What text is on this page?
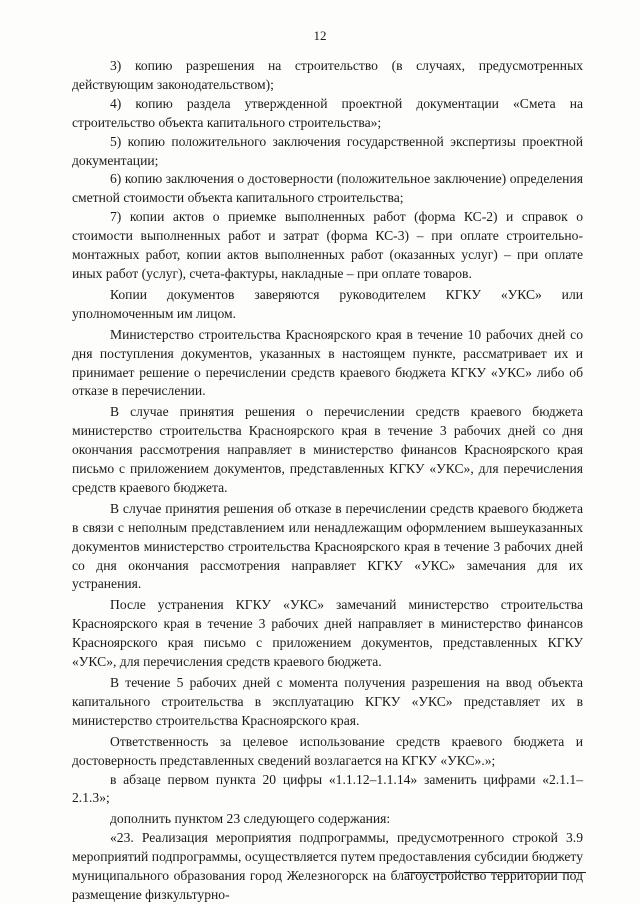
12

3) копию разрешения на строительство (в случаях, предусмотренных действующим законодательством);

4) копию раздела утвержденной проектной документации «Смета на строительство объекта капитального строительства»;

5) копию положительного заключения государственной экспертизы проектной документации;

6) копию заключения о достоверности (положительное заключение) определения сметной стоимости объекта капитального строительства;

7) копии актов о приемке выполненных работ (форма КС-2) и справок о стоимости выполненных работ и затрат (форма КС-3) – при оплате строительно-монтажных работ, копии актов выполненных работ (оказанных услуг) – при оплате иных работ (услуг), счета-фактуры, накладные – при оплате товаров.

Копии документов заверяются руководителем КГКУ «УКС» или уполномоченным им лицом.

Министерство строительства Красноярского края в течение 10 рабочих дней со дня поступления документов, указанных в настоящем пункте, рассматривает их и принимает решение о перечислении средств краевого бюджета КГКУ «УКС» либо об отказе в перечислении.

В случае принятия решения о перечислении средств краевого бюджета министерство строительства Красноярского края в течение 3 рабочих дней со дня окончания рассмотрения направляет в министерство финансов Красноярского края письмо с приложением документов, представленных КГКУ «УКС», для перечисления средств краевого бюджета.

В случае принятия решения об отказе в перечислении средств краевого бюджета в связи с неполным представлением или ненадлежащим оформлением вышеуказанных документов министерство строительства Красноярского края в течение 3 рабочих дней со дня окончания рассмотрения направляет КГКУ «УКС» замечания для их устранения.

После устранения КГКУ «УКС» замечаний министерство строительства Красноярского края в течение 3 рабочих дней направляет в министерство финансов Красноярского края письмо с приложением документов, представленных КГКУ «УКС», для перечисления средств краевого бюджета.

В течение 5 рабочих дней с момента получения разрешения на ввод объекта капитального строительства в эксплуатацию КГКУ «УКС» представляет их в министерство строительства Красноярского края.

Ответственность за целевое использование средств краевого бюджета и достоверность представленных сведений возлагается на КГКУ «УКС».»;

в абзаце первом пункта 20 цифры «1.1.12–1.1.14» заменить цифрами «2.1.1–2.1.3»;

дополнить пунктом 23 следующего содержания:

«23. Реализация мероприятия подпрограммы, предусмотренного строкой 3.9 мероприятий подпрограммы, осуществляется путем предоставления субсидии бюджету муниципального образования город Железногорск на благоустройство территории под размещение физкультурно-
